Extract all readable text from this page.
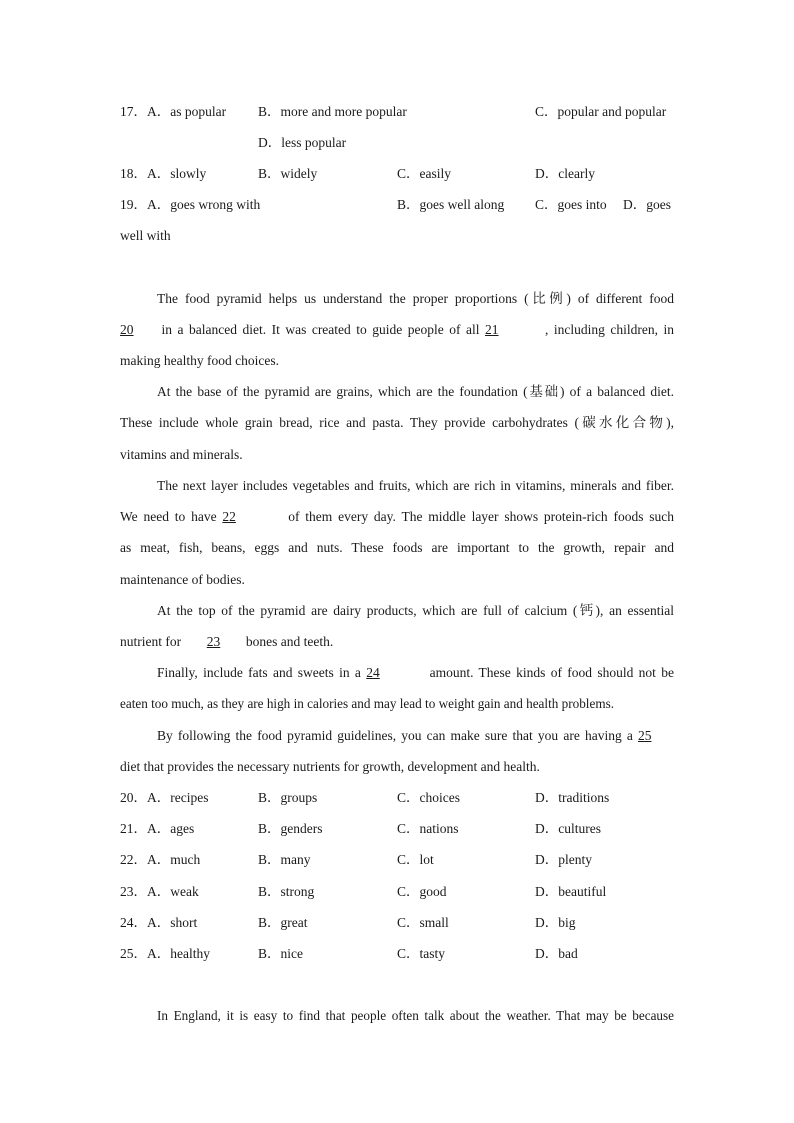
17．A．as popular B．more and more popular	C．popular and popular
D．less popular
18．A．slowly	B．widely	C．easily	D．clearly
19．A．goes wrong with	B．goes well along C．goes into D．goes
well with
The food pyramid helps us understand the proper proportions (比例) of different food
20 in a balanced diet. It was created to guide people of all 21	, including children, in
making healthy food choices.
At the base of the pyramid are grains, which are the foundation (基础) of a balanced diet.
These include whole grain bread, rice and pasta. They provide carbohydrates (碳水化合物),
vitamins and minerals.
The next layer includes vegetables and fruits, which are rich in vitamins, minerals and fiber.
We need to have 22	of them every day. The middle layer shows protein-rich foods such
as meat, fish, beans, eggs and nuts. These foods are important to the growth, repair and
maintenance of bodies.
At the top of the pyramid are dairy products, which are full of calcium (钙), an essential
nutrient for 23 bones and teeth.
Finally, include fats and sweets in a 24	amount. These kinds of food should not be
eaten too much, as they are high in calories and may lead to weight gain and health problems.
By following the food pyramid guidelines, you can make sure that you are having a 25
diet that provides the necessary nutrients for growth, development and health.
20．A．recipes	B．groups	C．choices	D．traditions
21．A．ages	B．genders	C．nations	D．cultures
22．A．much	B．many	C．lot	D．plenty
23．A．weak	B．strong	C．good	D．beautiful
24．A．short	B．great	C．small	D．big
25．A．healthy	B．nice	C．tasty	D．bad
In England, it is easy to find that people often talk about the weather. That may be because
